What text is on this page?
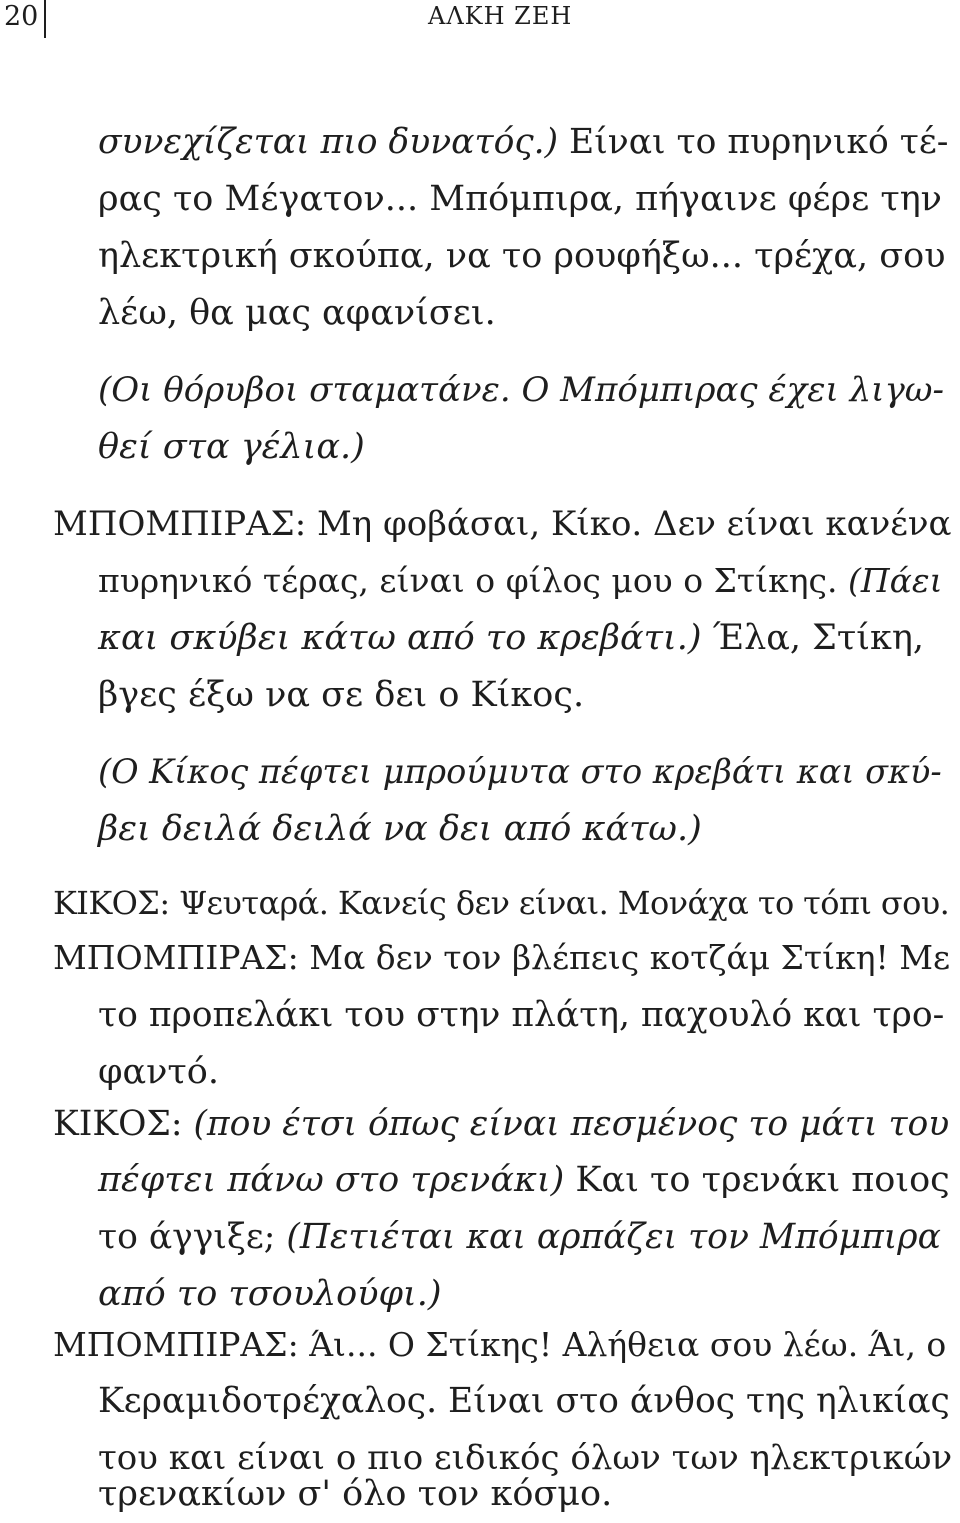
20	ΑΛΚΗ ΖΕΗ
συνεχίζεται πιο δυνατός.) Είναι το πυρηνικό τέ-
ρας το Μέγατον... Μπόμπιρα, πήγαινε φέρε την
ηλεκτρική σκούπα, να το ρουφήξω... τρέχα, σου
λέω, θα μας αφανίσει.
(Οι θόρυβοι σταματάνε. Ο Μπόμπιρας έχει λιγω-
θεί στα γέλια.)
ΜΠΟΜΠΙΡΑΣ: Μη φοβάσαι, Κίκο. Δεν είναι κανένα
πυρηνικό τέρας, είναι ο φίλος μου ο Στίκης. (Πάει
και σκύβει κάτω από το κρεβάτι.) Έλα, Στίκη,
βγες έξω να σε δει ο Κίκος.
(Ο Κίκος πέφτει μπρούμυτα στο κρεβάτι και σκύ-
βει δειλά δειλά να δει από κάτω.)
ΚΙΚΟΣ: Ψευταρά. Κανείς δεν είναι. Μονάχα το τόπι σου.
ΜΠΟΜΠΙΡΑΣ: Μα δεν τον βλέπεις κοτζάμ Στίκη! Με
το προπελάκι του στην πλάτη, παχουλό και τρο-
φαντό.
ΚΙΚΟΣ: (που έτσι όπως είναι πεσμένος το μάτι του
πέφτει πάνω στο τρενάκι) Και το τρενάκι ποιος
το άγγιξε; (Πετιέται και αρπάζει τον Μπόμπιρα
από το τσουλούφι.)
ΜΠΟΜΠΙΡΑΣ: Άι... Ο Στίκης! Αλήθεια σου λέω. Άι, ο
Κεραμιδοτρέχαλος. Είναι στο άνθος της ηλικίας
του και είναι ο πιο ειδικός όλων των ηλεκτρικών
τρενακίων σ' όλο τον κόσμο.
